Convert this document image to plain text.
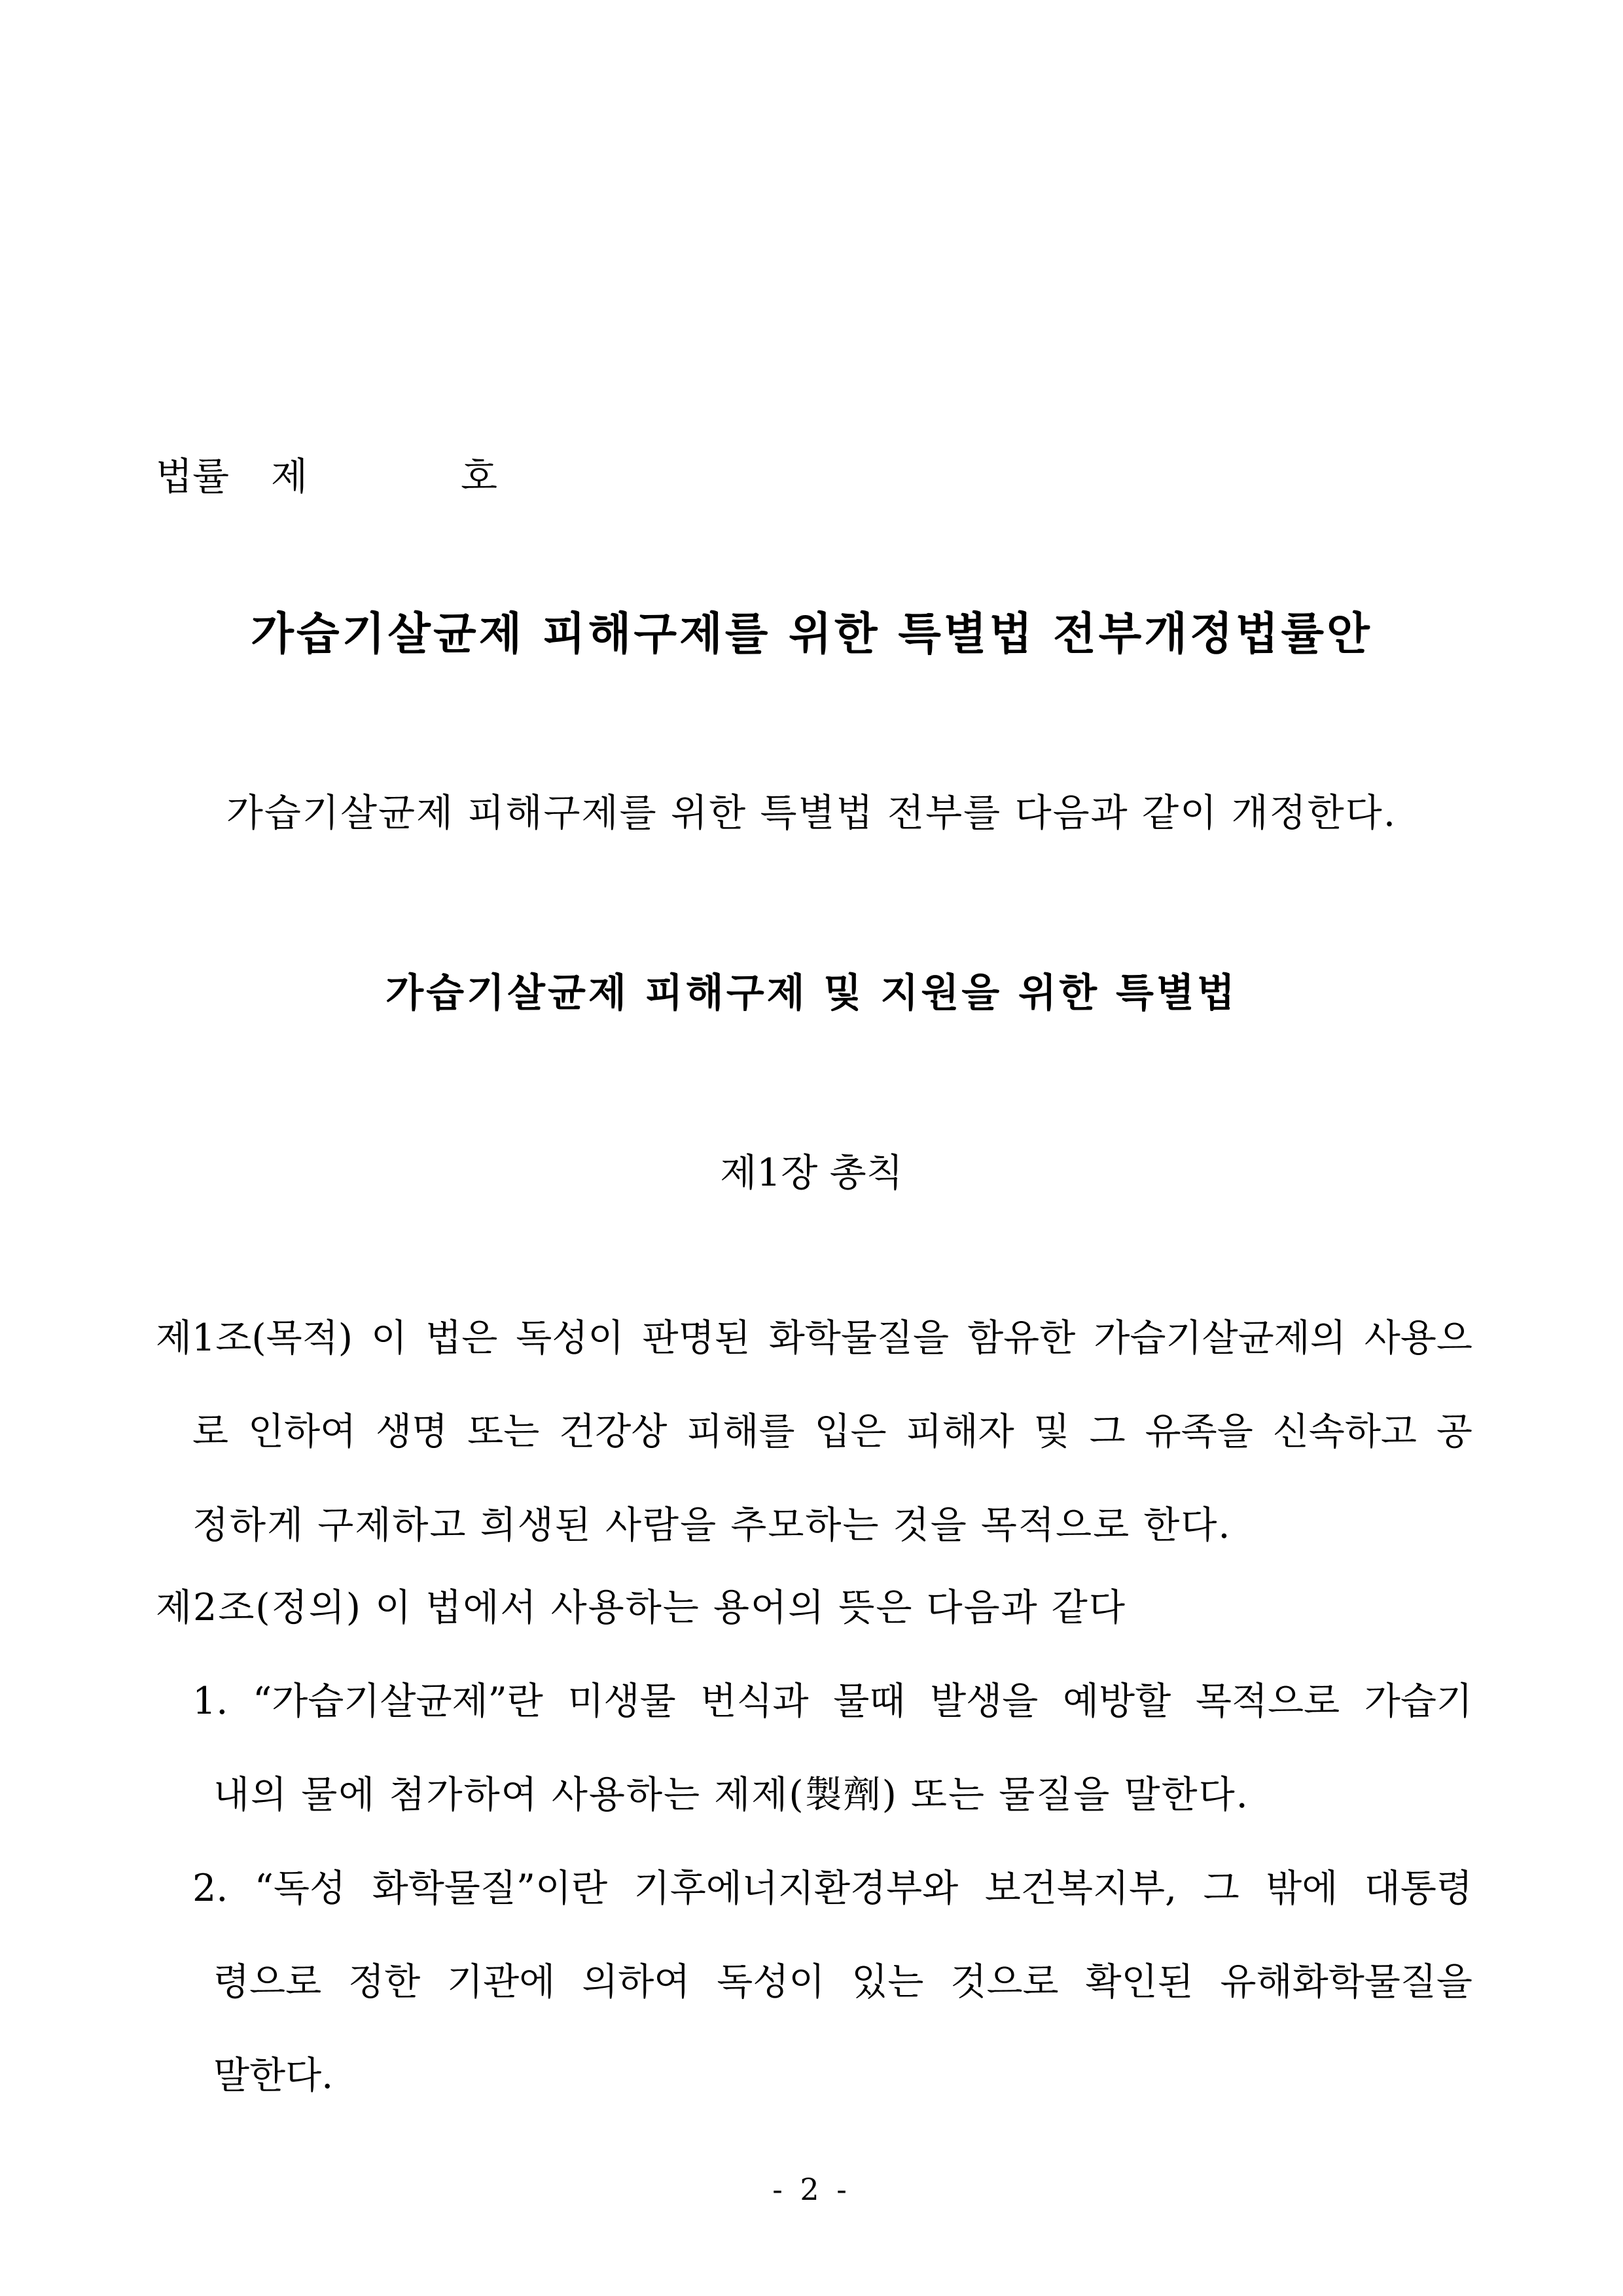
법률 제	호
가습기살균제 피해구제를 위한 특별법 전부개정법률안
가습기살균제 피해구제를 위한 특별법 전부를 다음과 같이 개정한다.
가습기살균제 피해구제 및 지원을 위한 특별법
제1장 총칙
제1조(목적) 이 법은 독성이 판명된 화학물질을 함유한 가습기살균제의 사용으
로 인하여 생명 또는 건강상 피해를 입은 피해자 및 그 유족을 신속하고 공
정하게 구제하고 희생된 사람을 추모하는 것을 목적으로 한다.
제2조(정의) 이 법에서 사용하는 용어의 뜻은 다음과 같다
1. “가습기살균제”란 미생물 번식과 물때 발생을 예방할 목적으로 가습기
내의 물에 첨가하여 사용하는 제제(製劑) 또는 물질을 말한다.
2. “독성 화학물질”이란 기후에너지환경부와 보건복지부, 그 밖에 대통령
령으로 정한 기관에 의하여 독성이 있는 것으로 확인된 유해화학물질을
말한다.
- 2 -
